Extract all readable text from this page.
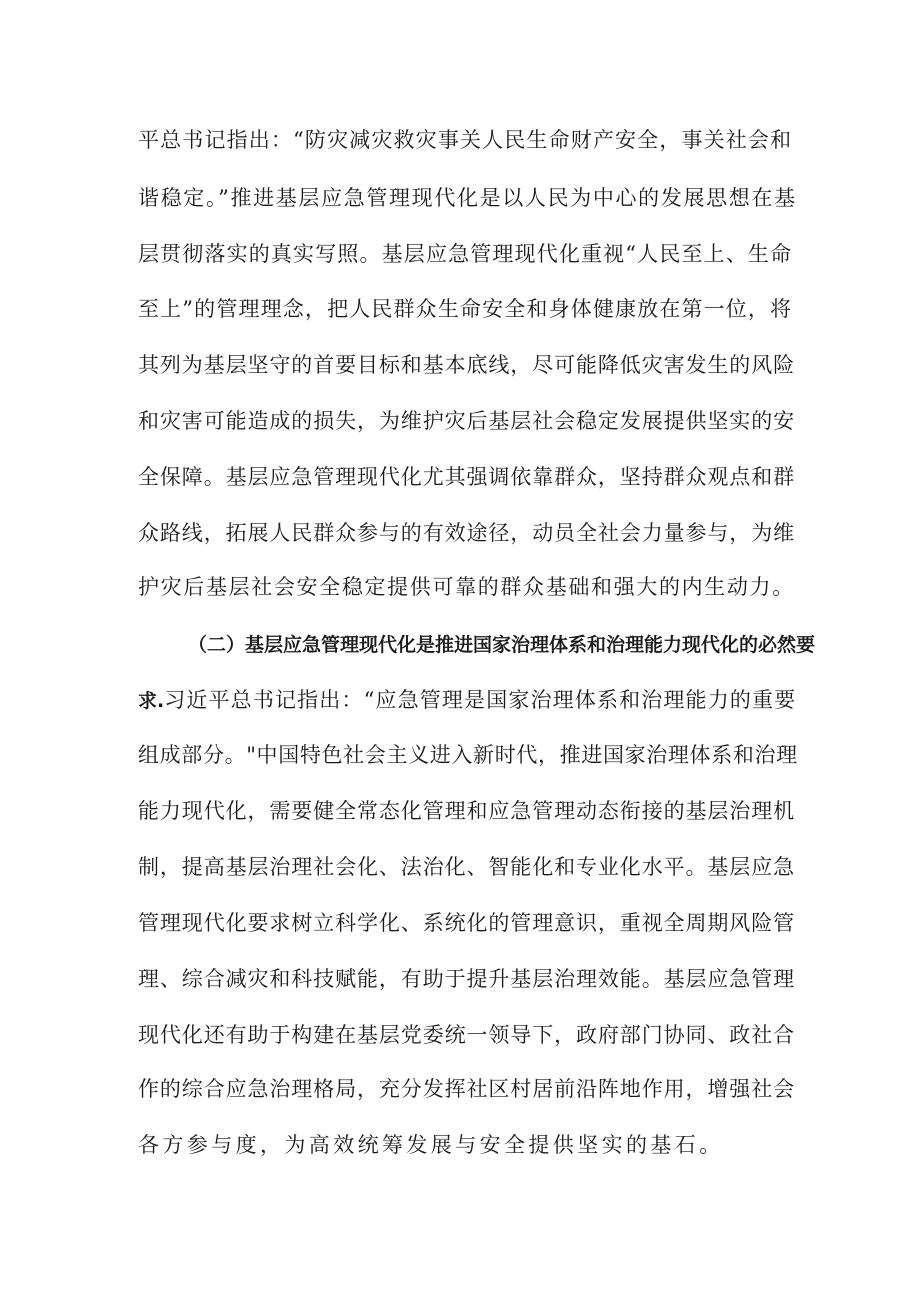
平总书记指出：“防灾减灾救灾事关人民生命财产安全，事关社会和
谐稳定。”推进基层应急管理现代化是以人民为中心的发展思想在基
层贯彻落实的真实写照。基层应急管理现代化重视“人民至上、生命
至上”的管理理念，把人民群众生命安全和身体健康放在第一位，将
其列为基层坚守的首要目标和基本底线，尽可能降低灾害发生的风险
和灾害可能造成的损失，为维护灾后基层社会稳定发展提供坚实的安
全保障。基层应急管理现代化尤其强调依靠群众，坚持群众观点和群
众路线，拓展人民群众参与的有效途径，动员全社会力量参与，为维
护灾后基层社会安全稳定提供可靠的群众基础和强大的内生动力。
（二）基层应急管理现代化是推进国家治理体系和治理能力现代化的必然要
求.习近平总书记指出：“应急管理是国家治理体系和治理能力的重要
组成部分。"中国特色社会主义进入新时代，推进国家治理体系和治理
能力现代化，需要健全常态化管理和应急管理动态衔接的基层治理机
制，提高基层治理社会化、法治化、智能化和专业化水平。基层应急
管理现代化要求树立科学化、系统化的管理意识，重视全周期风险管
理、综合减灾和科技赋能，有助于提升基层治理效能。基层应急管理
现代化还有助于构建在基层党委统一领导下，政府部门协同、政社合
作的综合应急治理格局，充分发挥社区村居前沿阵地作用，增强社会
各方参与度，为高效统筹发展与安全提供坚实的基石。
